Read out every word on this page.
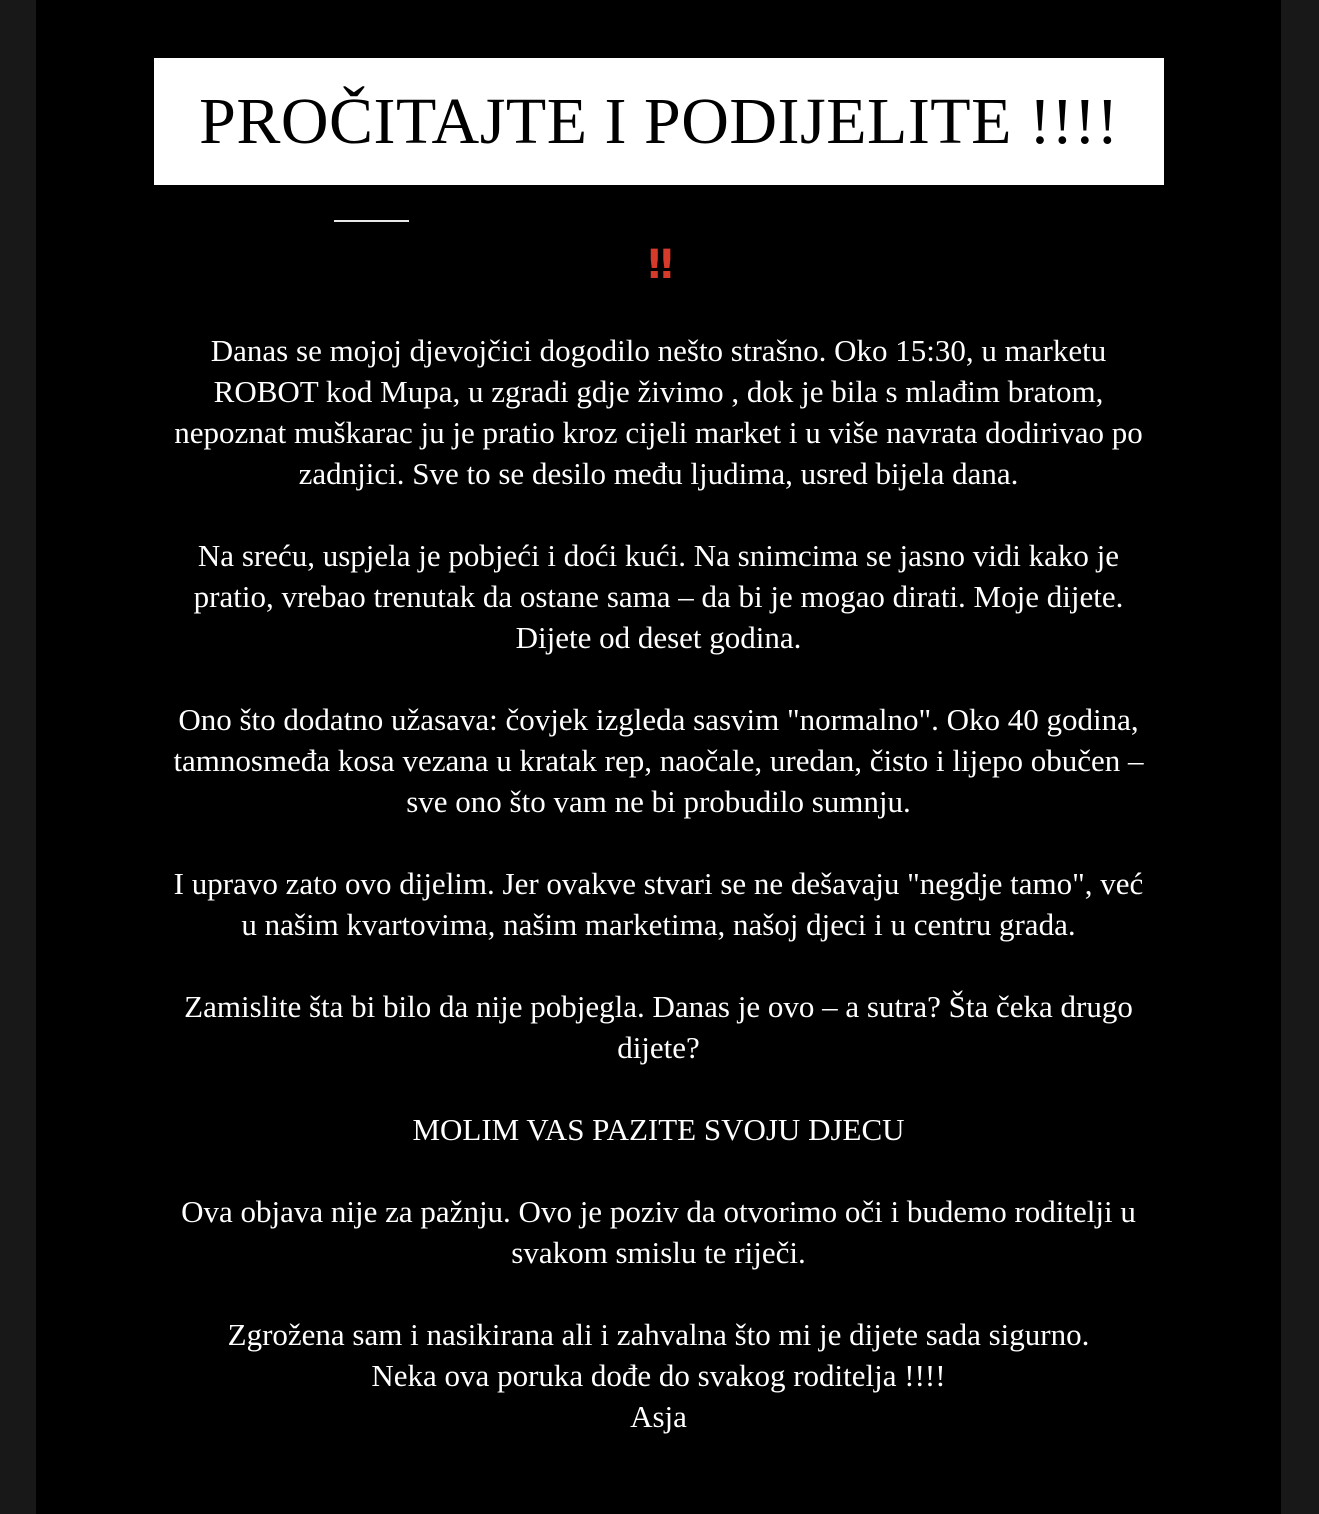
PROČITAJTE I PODIJELITE !!!!
‼

Danas se mojoj djevojčici dogodilo nešto strašno. Oko 15:30, u marketu
ROBOT kod Mupa, u zgradi gdje živimo , dok je bila s mlađim bratom,
nepoznat muškarac ju je pratio kroz cijeli market i u više navrata dodirivao po
zadnjici. Sve to se desilo među ljudima, usred bijela dana.

Na sreću, uspjela je pobjeći i doći kući. Na snimcima se jasno vidi kako je
pratio, vrebao trenutak da ostane sama – da bi je mogao dirati. Moje dijete.
Dijete od deset godina.

Ono što dodatno užasava: čovjek izgleda sasvim "normalno". Oko 40 godina,
tamnosmeđa kosa vezana u kratak rep, naočale, uredan, čisto i lijepo obučen –
sve ono što vam ne bi probudilo sumnju.

I upravo zato ovo dijelim. Jer ovakve stvari se ne dešavaju "negdje tamo", već
u našim kvartovima, našim marketima, našoj djeci i u centru grada.

Zamislite šta bi bilo da nije pobjegla. Danas je ovo – a sutra? Šta čeka drugo
dijete?

MOLIM VAS PAZITE SVOJU DJECU

Ova objava nije za pažnju. Ovo je poziv da otvorimo oči i budemo roditelji u
svakom smislu te riječi.

Zgrožena sam i nasikirana ali i zahvalna što mi je dijete sada sigurno.
Neka ova poruka dođe do svakog roditelja !!!!
Asja
